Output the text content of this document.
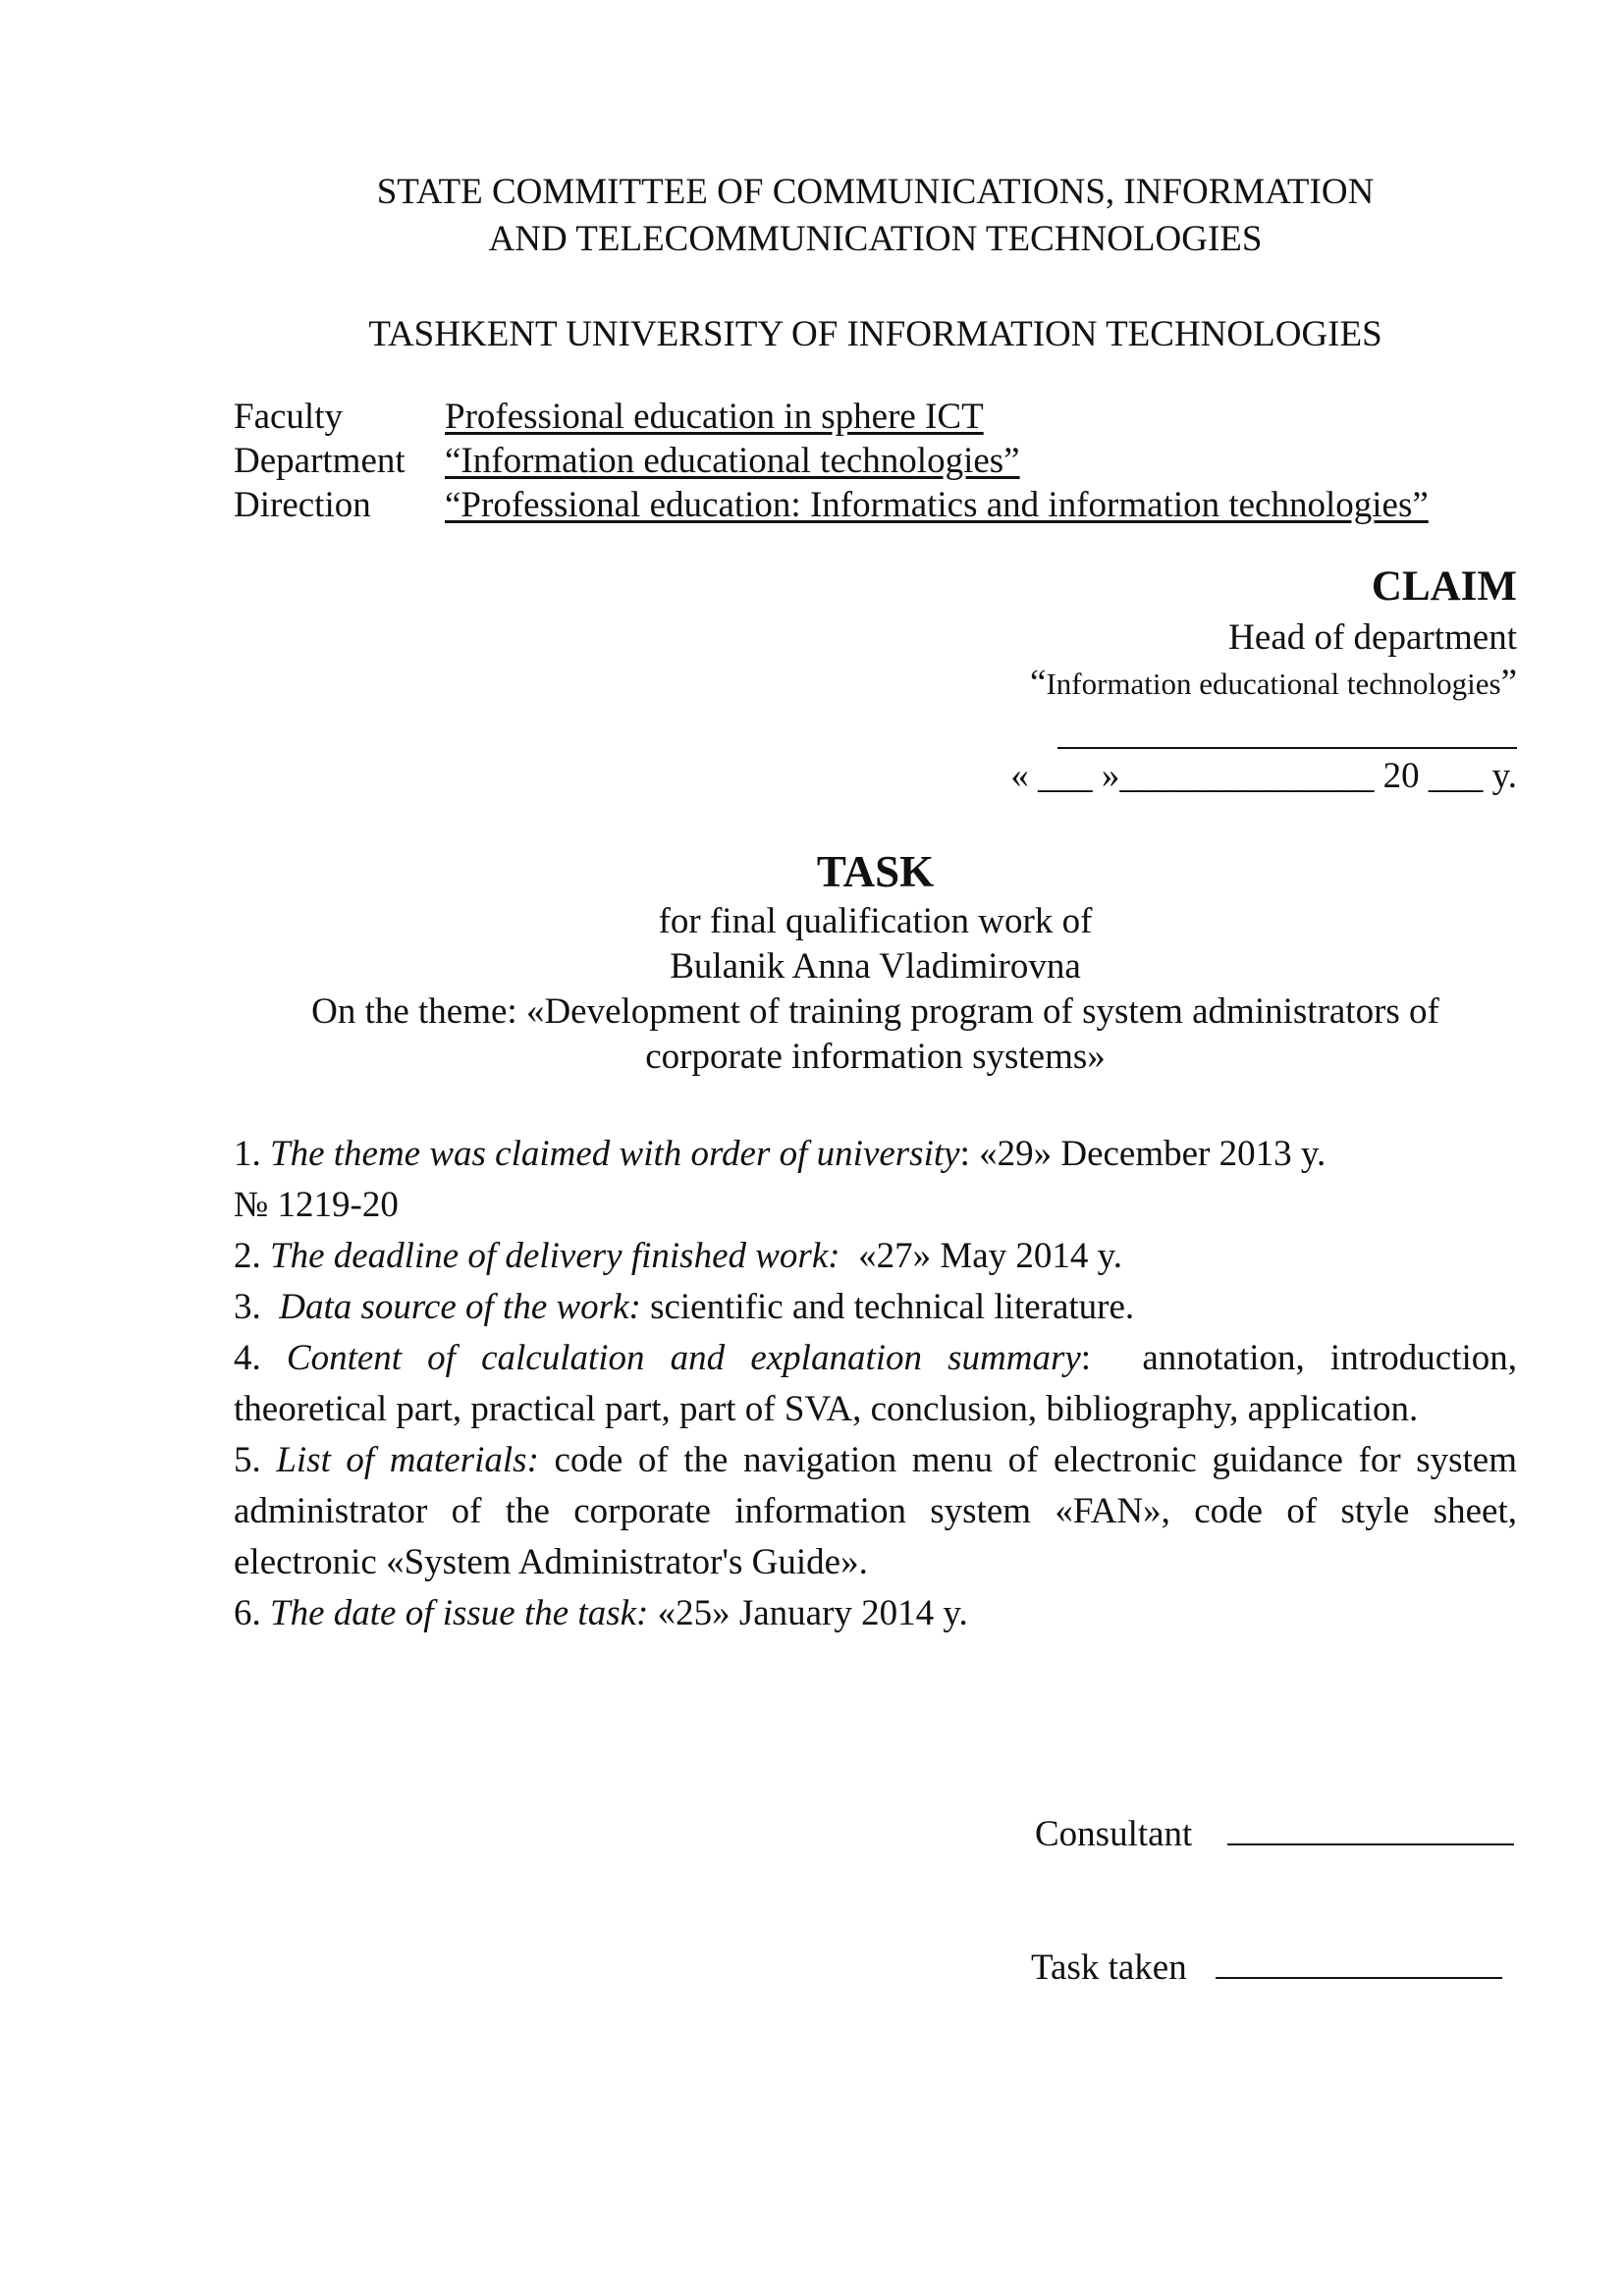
STATE COMMITTEE OF COMMUNICATIONS, INFORMATION
AND TELECOMMUNICATION TECHNOLOGIES
TASHKENT UNIVERSITY OF INFORMATION TECHNOLOGIES
Faculty	Professional education in sphere ICT
Department	“Information educational technologies”
Direction	“Professional education: Informatics and information technologies”
CLAIM
Head of department
“Information educational technologies”
« ___ »______________ 20 ___ y.
TASK
for final qualification work of
Bulanik Anna Vladimirovna
On the theme: «Development of training program of system administrators of
corporate information systems»

1. The theme was claimed with order of university: «29» December 2013 y.

№ 1219-20

2. The deadline of delivery finished work: «27» May 2014 y.

3.  Data source of the work: scientific and technical literature.

4. Content of calculation and explanation summary:  annotation, introduction, theoretical part, practical part, part of SVA, conclusion, bibliography, application.

5. List of materials: code of the navigation menu of electronic guidance for system administrator of the corporate information system «FAN», code of style sheet, electronic «System Administrator's Guide».

6. The date of issue the task: «25» January 2014 y.

Consultant
Task taken
